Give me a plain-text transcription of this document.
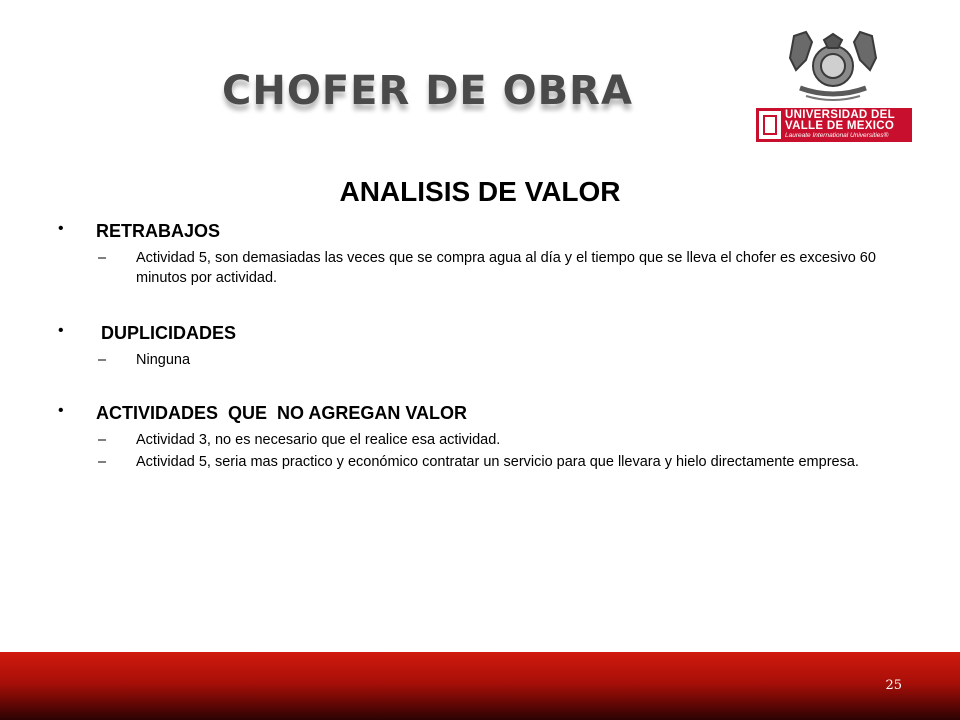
CHOFER DE OBRA
UNIVERSIDAD DEL
VALLE DE MEXICO
Laureate International Universities®
ANALISIS DE VALOR
• RETRABAJOS
– Actividad 5, son demasiadas las veces que se compra agua al día y el tiempo que se lleva el chofer es excesivo 60 minutos por actividad.
• DUPLICIDADES
– Ninguna
• ACTIVIDADES  QUE  NO AGREGAN VALOR
– Actividad 3, no es necesario que el realice esa actividad.
– Actividad 5, seria mas practico y económico contratar un servicio para que llevara y hielo directamente empresa.
25
